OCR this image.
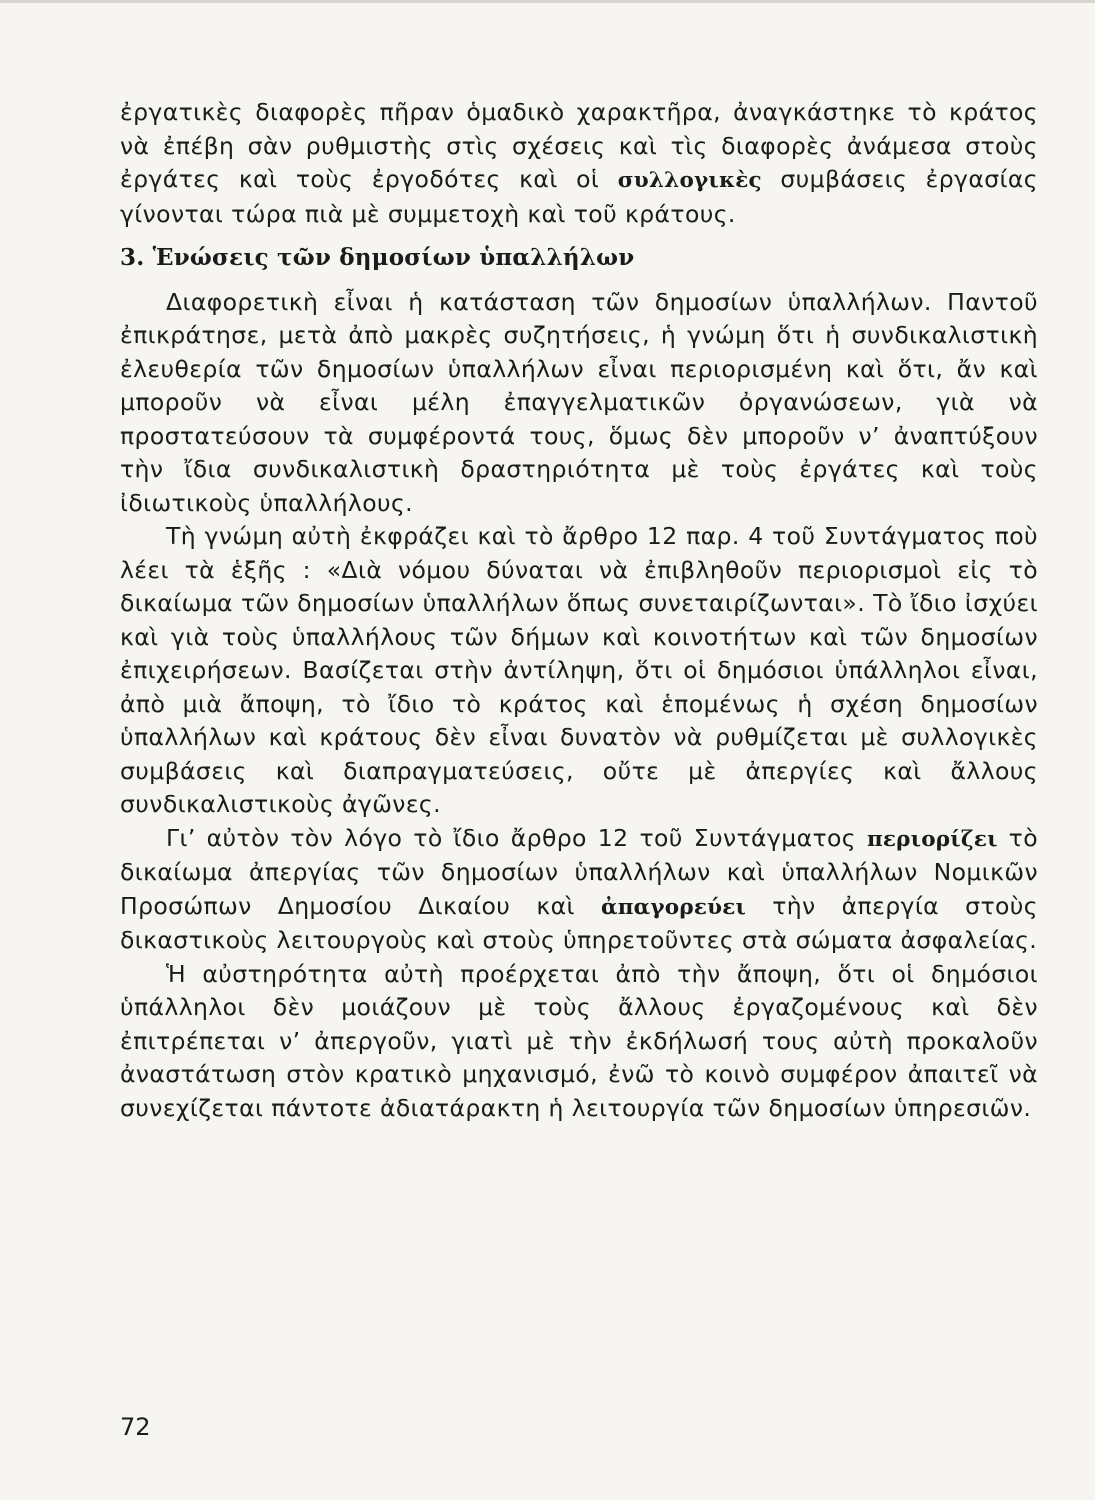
ἐργατικὲς διαφορὲς πῆραν ὁμαδικὸ χαρακτῆρα, ἀναγκάστηκε τὸ κράτος νὰ ἐπέβη σὰν ρυθμιστὴς στὶς σχέσεις καὶ τὶς διαφορὲς ἀνάμεσα στοὺς ἐργάτες καὶ τοὺς ἐργοδότες καὶ οἱ συλλογικὲς συμβάσεις ἐργασίας γίνονται τώρα πιὰ μὲ συμμετοχὴ καὶ τοῦ κράτους.

3. Ἑνώσεις τῶν δημοσίων ὑπαλλήλων

Διαφορετικὴ εἶναι ἡ κατάσταση τῶν δημοσίων ὑπαλλήλων. Παντοῦ ἐπικράτησε, μετὰ ἀπὸ μακρὲς συζητήσεις, ἡ γνώμη ὅτι ἡ συνδικαλιστικὴ ἐλευθερία τῶν δημοσίων ὑπαλλήλων εἶναι περιορισμένη καὶ ὅτι, ἄν καὶ μποροῦν νὰ εἶναι μέλη ἐπαγγελματικῶν ὀργανώσεων, γιὰ νὰ προστατεύσουν τὰ συμφέροντά τους, ὅμως δὲν μποροῦν ν’ ἀναπτύξουν τὴν ἴδια συνδικαλιστικὴ δραστηριότητα μὲ τοὺς ἐργάτες καὶ τοὺς ἰδιωτικοὺς ὑπαλλήλους.

Τὴ γνώμη αὐτὴ ἐκφράζει καὶ τὸ ἄρθρο 12 παρ. 4 τοῦ Συντάγματος ποὺ λέει τὰ ἑξῆς : «Διὰ νόμου δύναται νὰ ἐπιβληθοῦν περιορισμοὶ εἰς τὸ δικαίωμα τῶν δημοσίων ὑπαλλήλων ὅπως συνεταιρίζωνται». Τὸ ἴδιο ἰσχύει καὶ γιὰ τοὺς ὑπαλλήλους τῶν δήμων καὶ κοινοτήτων καὶ τῶν δημοσίων ἐπιχειρήσεων. Βασίζεται στὴν ἀντίληψη, ὅτι οἱ δημόσιοι ὑπάλληλοι εἶναι, ἀπὸ μιὰ ἄποψη, τὸ ἴδιο τὸ κράτος καὶ ἑπομένως ἡ σχέση δημοσίων ὑπαλλήλων καὶ κράτους δὲν εἶναι δυνατὸν νὰ ρυθμίζεται μὲ συλλογικὲς συμβάσεις καὶ διαπραγματεύσεις, οὔτε μὲ ἀπεργίες καὶ ἄλλους συνδικαλιστικοὺς ἀγῶνες.

Γι’ αὐτὸν τὸν λόγο τὸ ἴδιο ἄρθρο 12 τοῦ Συντάγματος περιορίζει τὸ δικαίωμα ἀπεργίας τῶν δημοσίων ὑπαλλήλων καὶ ὑπαλλήλων Νομικῶν Προσώπων Δημοσίου Δικαίου καὶ ἀπαγορεύει τὴν ἀπεργία στοὺς δικαστικοὺς λειτουργοὺς καὶ στοὺς ὑπηρετοῦντες στὰ σώματα ἀσφαλείας.

Ἡ αὐστηρότητα αὐτὴ προέρχεται ἀπὸ τὴν ἄποψη, ὅτι οἱ δημόσιοι ὑπάλληλοι δὲν μοιάζουν μὲ τοὺς ἄλλους ἐργαζομένους καὶ δὲν ἐπιτρέπεται ν’ ἀπεργοῦν, γιατὶ μὲ τὴν ἐκδήλωσή τους αὐτὴ προκαλοῦν ἀναστάτωση στὸν κρατικὸ μηχανισμό, ἐνῶ τὸ κοινὸ συμφέρον ἀπαιτεῖ νὰ συνεχίζεται πάντοτε ἀδιατάρακτη ἡ λειτουργία τῶν δημοσίων ὑπηρεσιῶν.

72
